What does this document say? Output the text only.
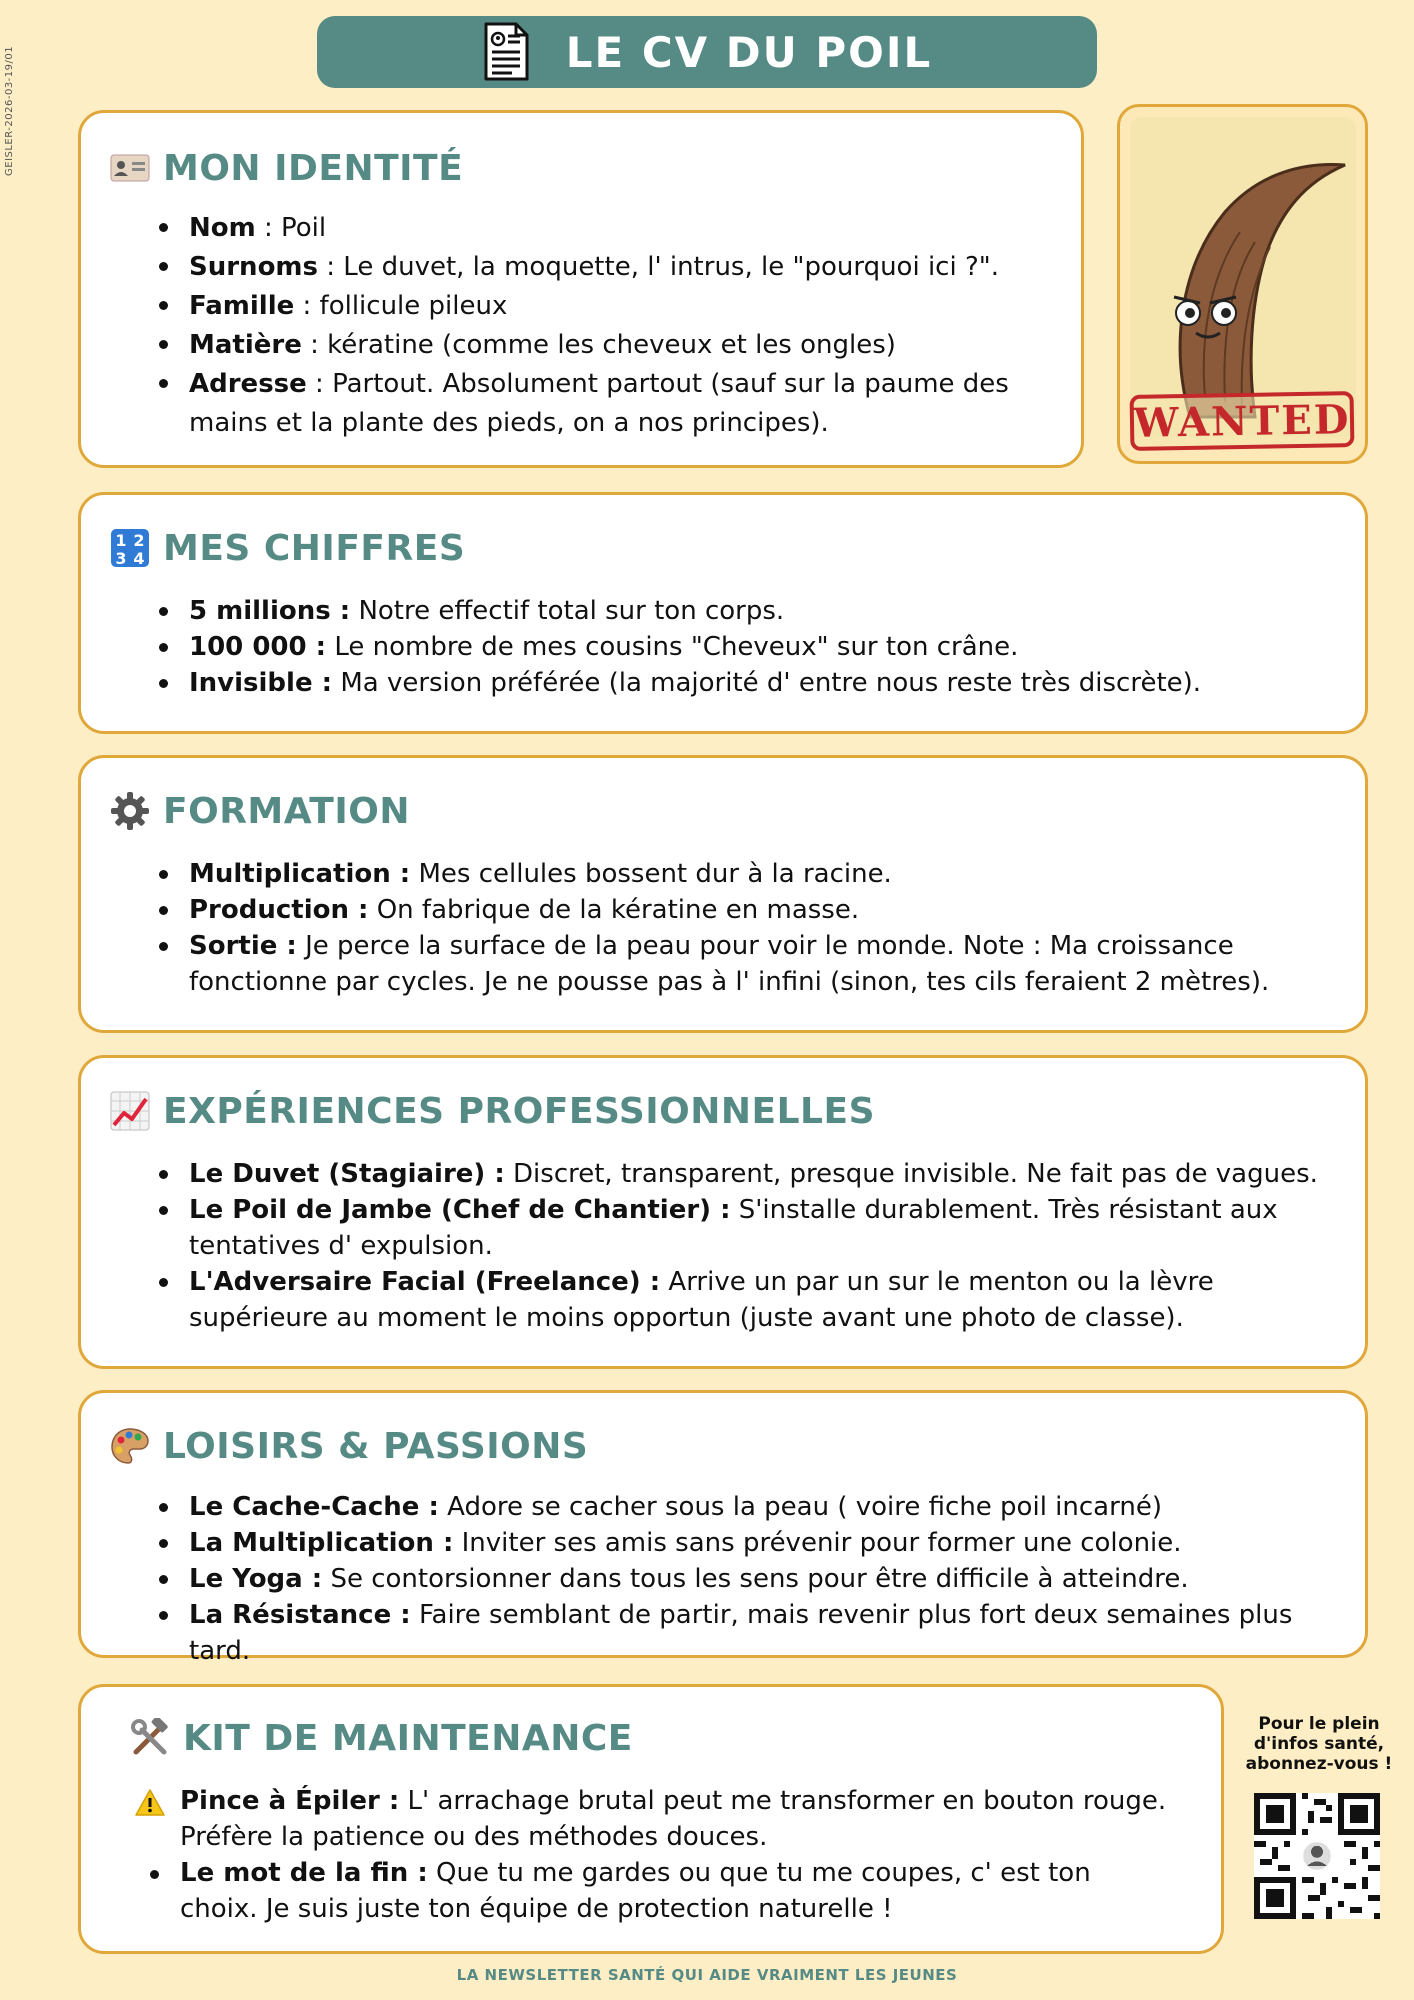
GEISLER-2026-03-19/01	LE CV DU POIL
MON IDENTITÉ
Nom : Poil
Surnoms : Le duvet, la moquette, l' intrus, le "pourquoi ici ?".
Famille : follicule pileux
Matière : kératine (comme les cheveux et les ongles)
Adresse : Partout. Absolument partout (sauf sur la paume des mains et la plante des pieds, on a nos principes).	WANTED
1 2
3 4 MES CHIFFRES
5 millions : Notre effectif total sur ton corps.
100 000 : Le nombre de mes cousins "Cheveux" sur ton crâne.
Invisible : Ma version préférée (la majorité d' entre nous reste très discrète).
FORMATION
Multiplication : Mes cellules bossent dur à la racine.
Production : On fabrique de la kératine en masse.
Sortie : Je perce la surface de la peau pour voir le monde. Note : Ma croissance fonctionne par cycles. Je ne pousse pas à l' infini (sinon, tes cils feraient 2 mètres).
EXPÉRIENCES PROFESSIONNELLES
Le Duvet (Stagiaire) : Discret, transparent, presque invisible. Ne fait pas de vagues.
Le Poil de Jambe (Chef de Chantier) : S'installe durablement. Très résistant aux tentatives d' expulsion.
L'Adversaire Facial (Freelance) : Arrive un par un sur le menton ou la lèvre supérieure au moment le moins opportun (juste avant une photo de classe).
LOISIRS & PASSIONS
Le Cache-Cache : Adore se cacher sous la peau ( voire fiche poil incarné)
La Multiplication : Inviter ses amis sans prévenir pour former une colonie.
Le Yoga : Se contorsionner dans tous les sens pour être difficile à atteindre.
La Résistance : Faire semblant de partir, mais revenir plus fort deux semaines plus tard.
KIT DE MAINTENANCE
Pince à Épiler : L' arrachage brutal peut me transformer en bouton rouge.
Préfère la patience ou des méthodes douces.
Le mot de la fin : Que tu me gardes ou que tu me coupes, c' est ton
choix. Je suis juste ton équipe de protection naturelle !
Pour le plein d'infos santé, abonnez-vous !
LA NEWSLETTER SANTÉ QUI AIDE VRAIMENT LES JEUNES
